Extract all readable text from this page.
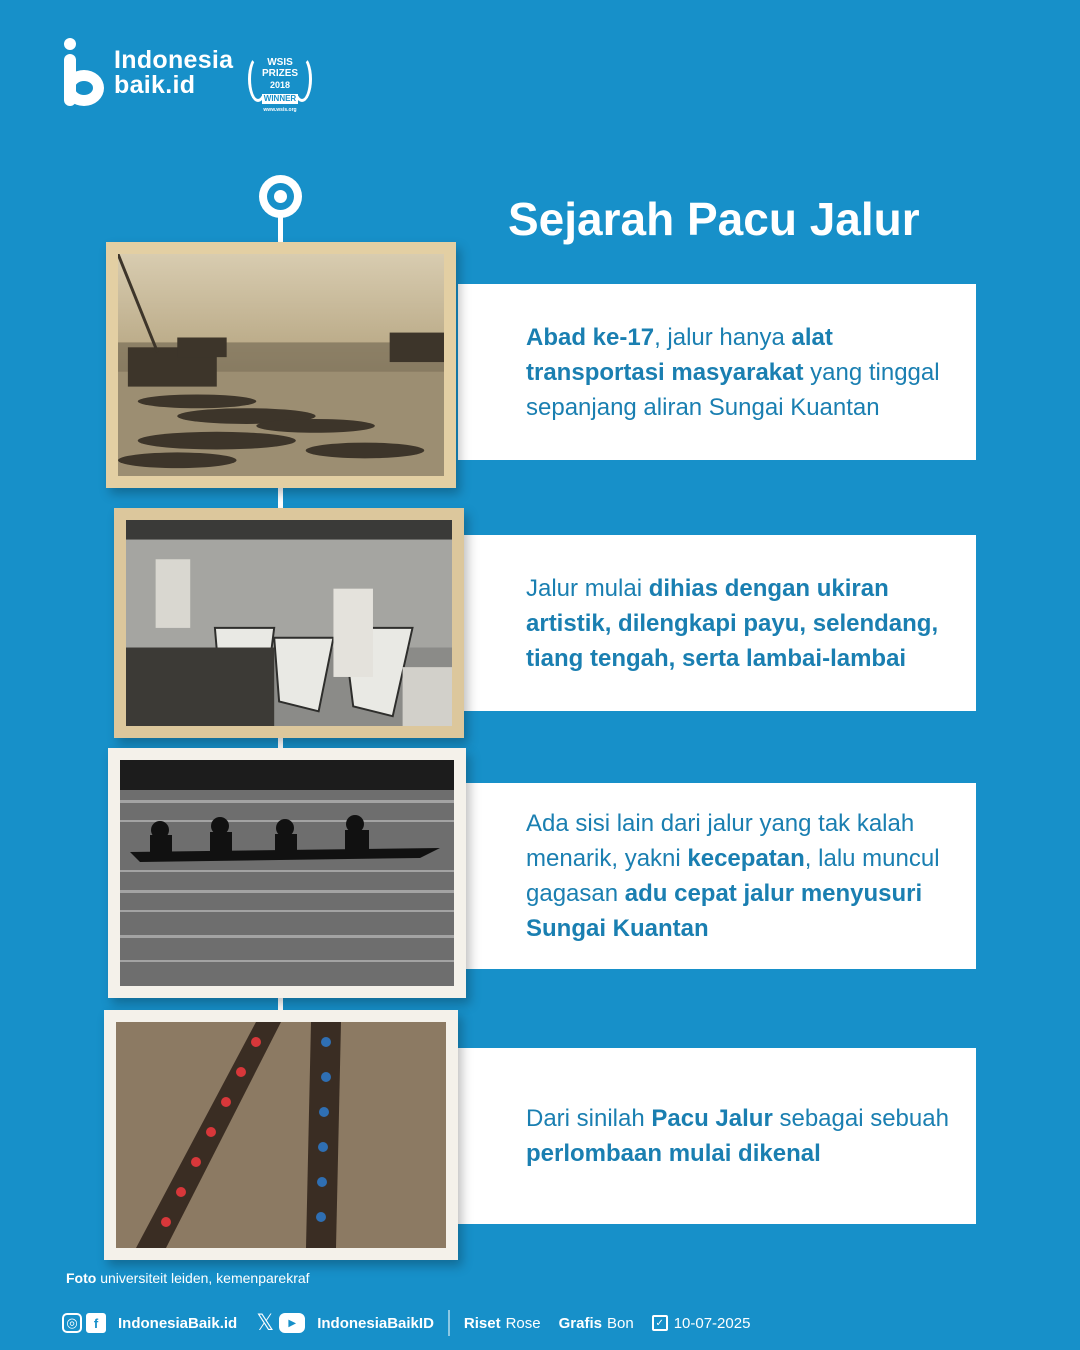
Indonesia
baik.id
WSIS
PRIZES
2018
WINNER
www.wsis.org
Sejarah Pacu Jalur

Abad ke-17, jalur hanya alat transportasi masyarakat yang tinggal sepanjang aliran Sungai Kuantan

Jalur mulai dihias dengan ukiran artistik, dilengkapi payu, selendang, tiang tengah, serta lambai-lambai

Ada sisi lain dari jalur yang tak kalah menarik, yakni kecepatan, lalu muncul gagasan adu cepat jalur menyusuri Sungai Kuantan

Dari sinilah Pacu Jalur sebagai sebuah perlombaan mulai dikenal

Foto universiteit leiden, kemenparekraf
◎	f	IndonesiaBaik.id 𝕏	▶	IndonesiaBaikID Riset Rose Grafis Bon	✓ 10-07-2025
